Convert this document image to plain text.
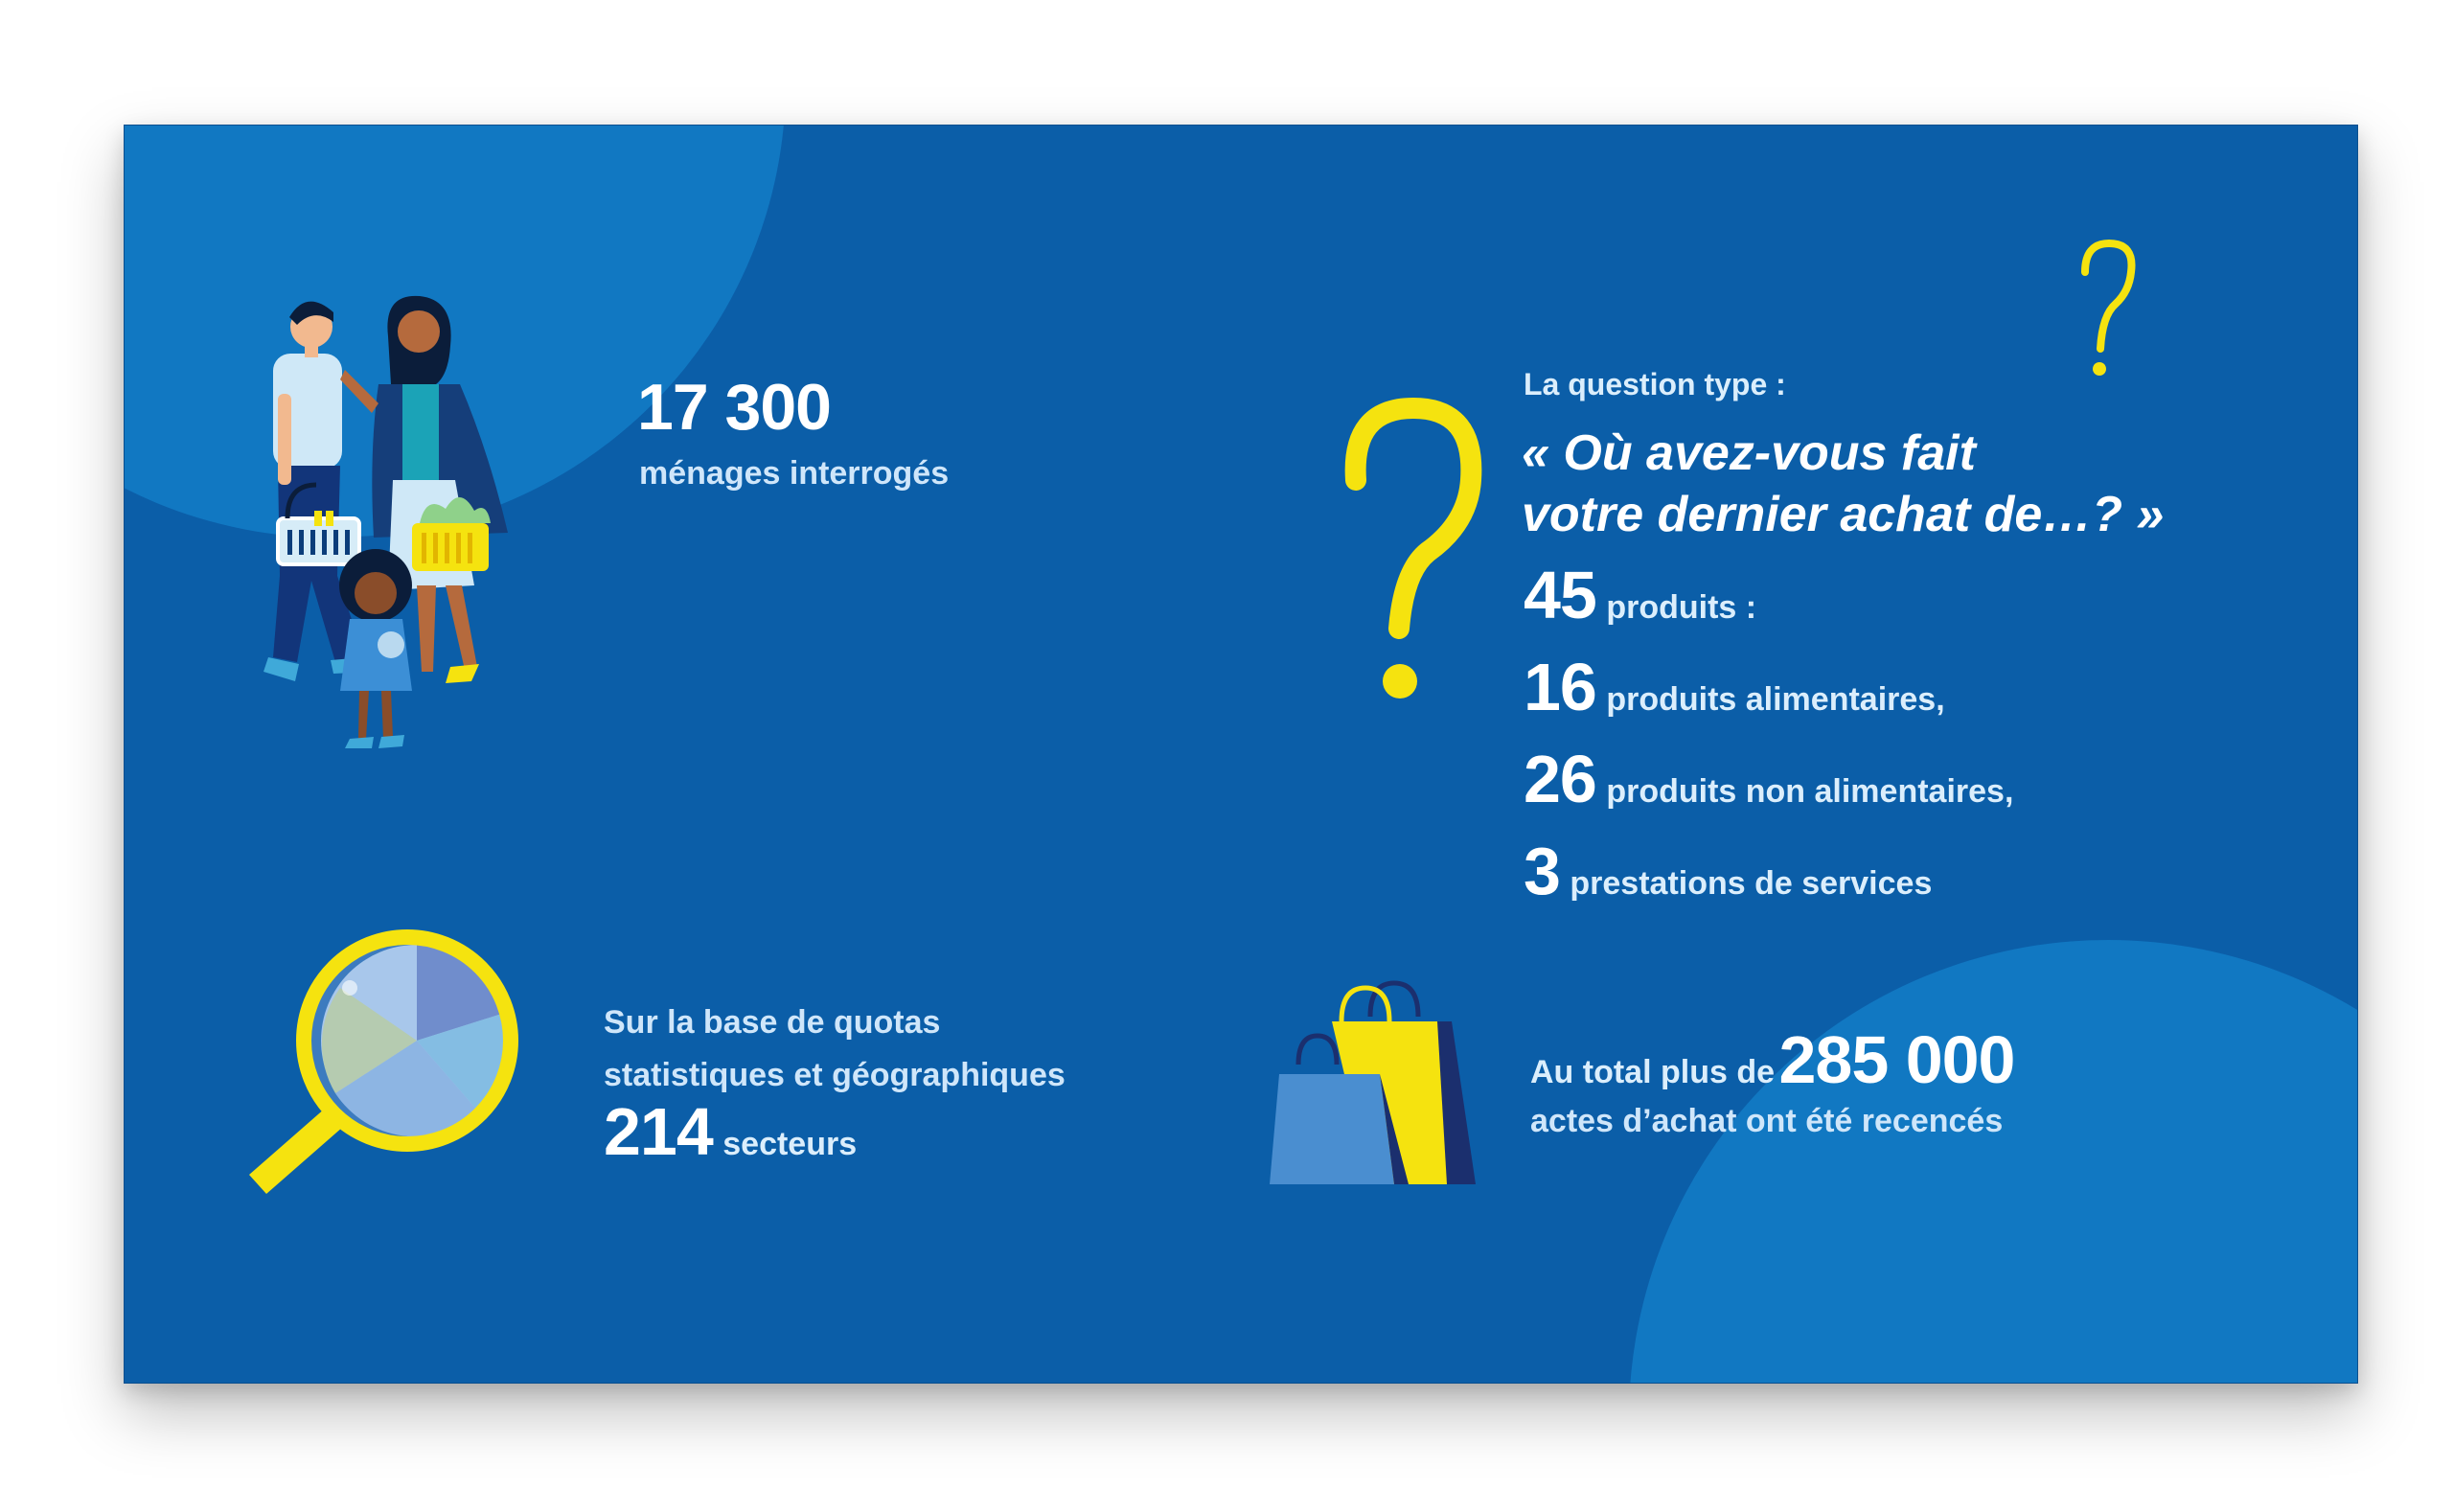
17 300
ménages interrogés
Sur la base de quotas
statistiques et géographiques
214 secteurs
La question type :
« Où avez-vous fait
votre dernier achat de…? »
45 produits :
16 produits alimentaires,
26 produits non alimentaires,
3 prestations de services
Au total plus de 285 000
actes d’achat ont été recencés
